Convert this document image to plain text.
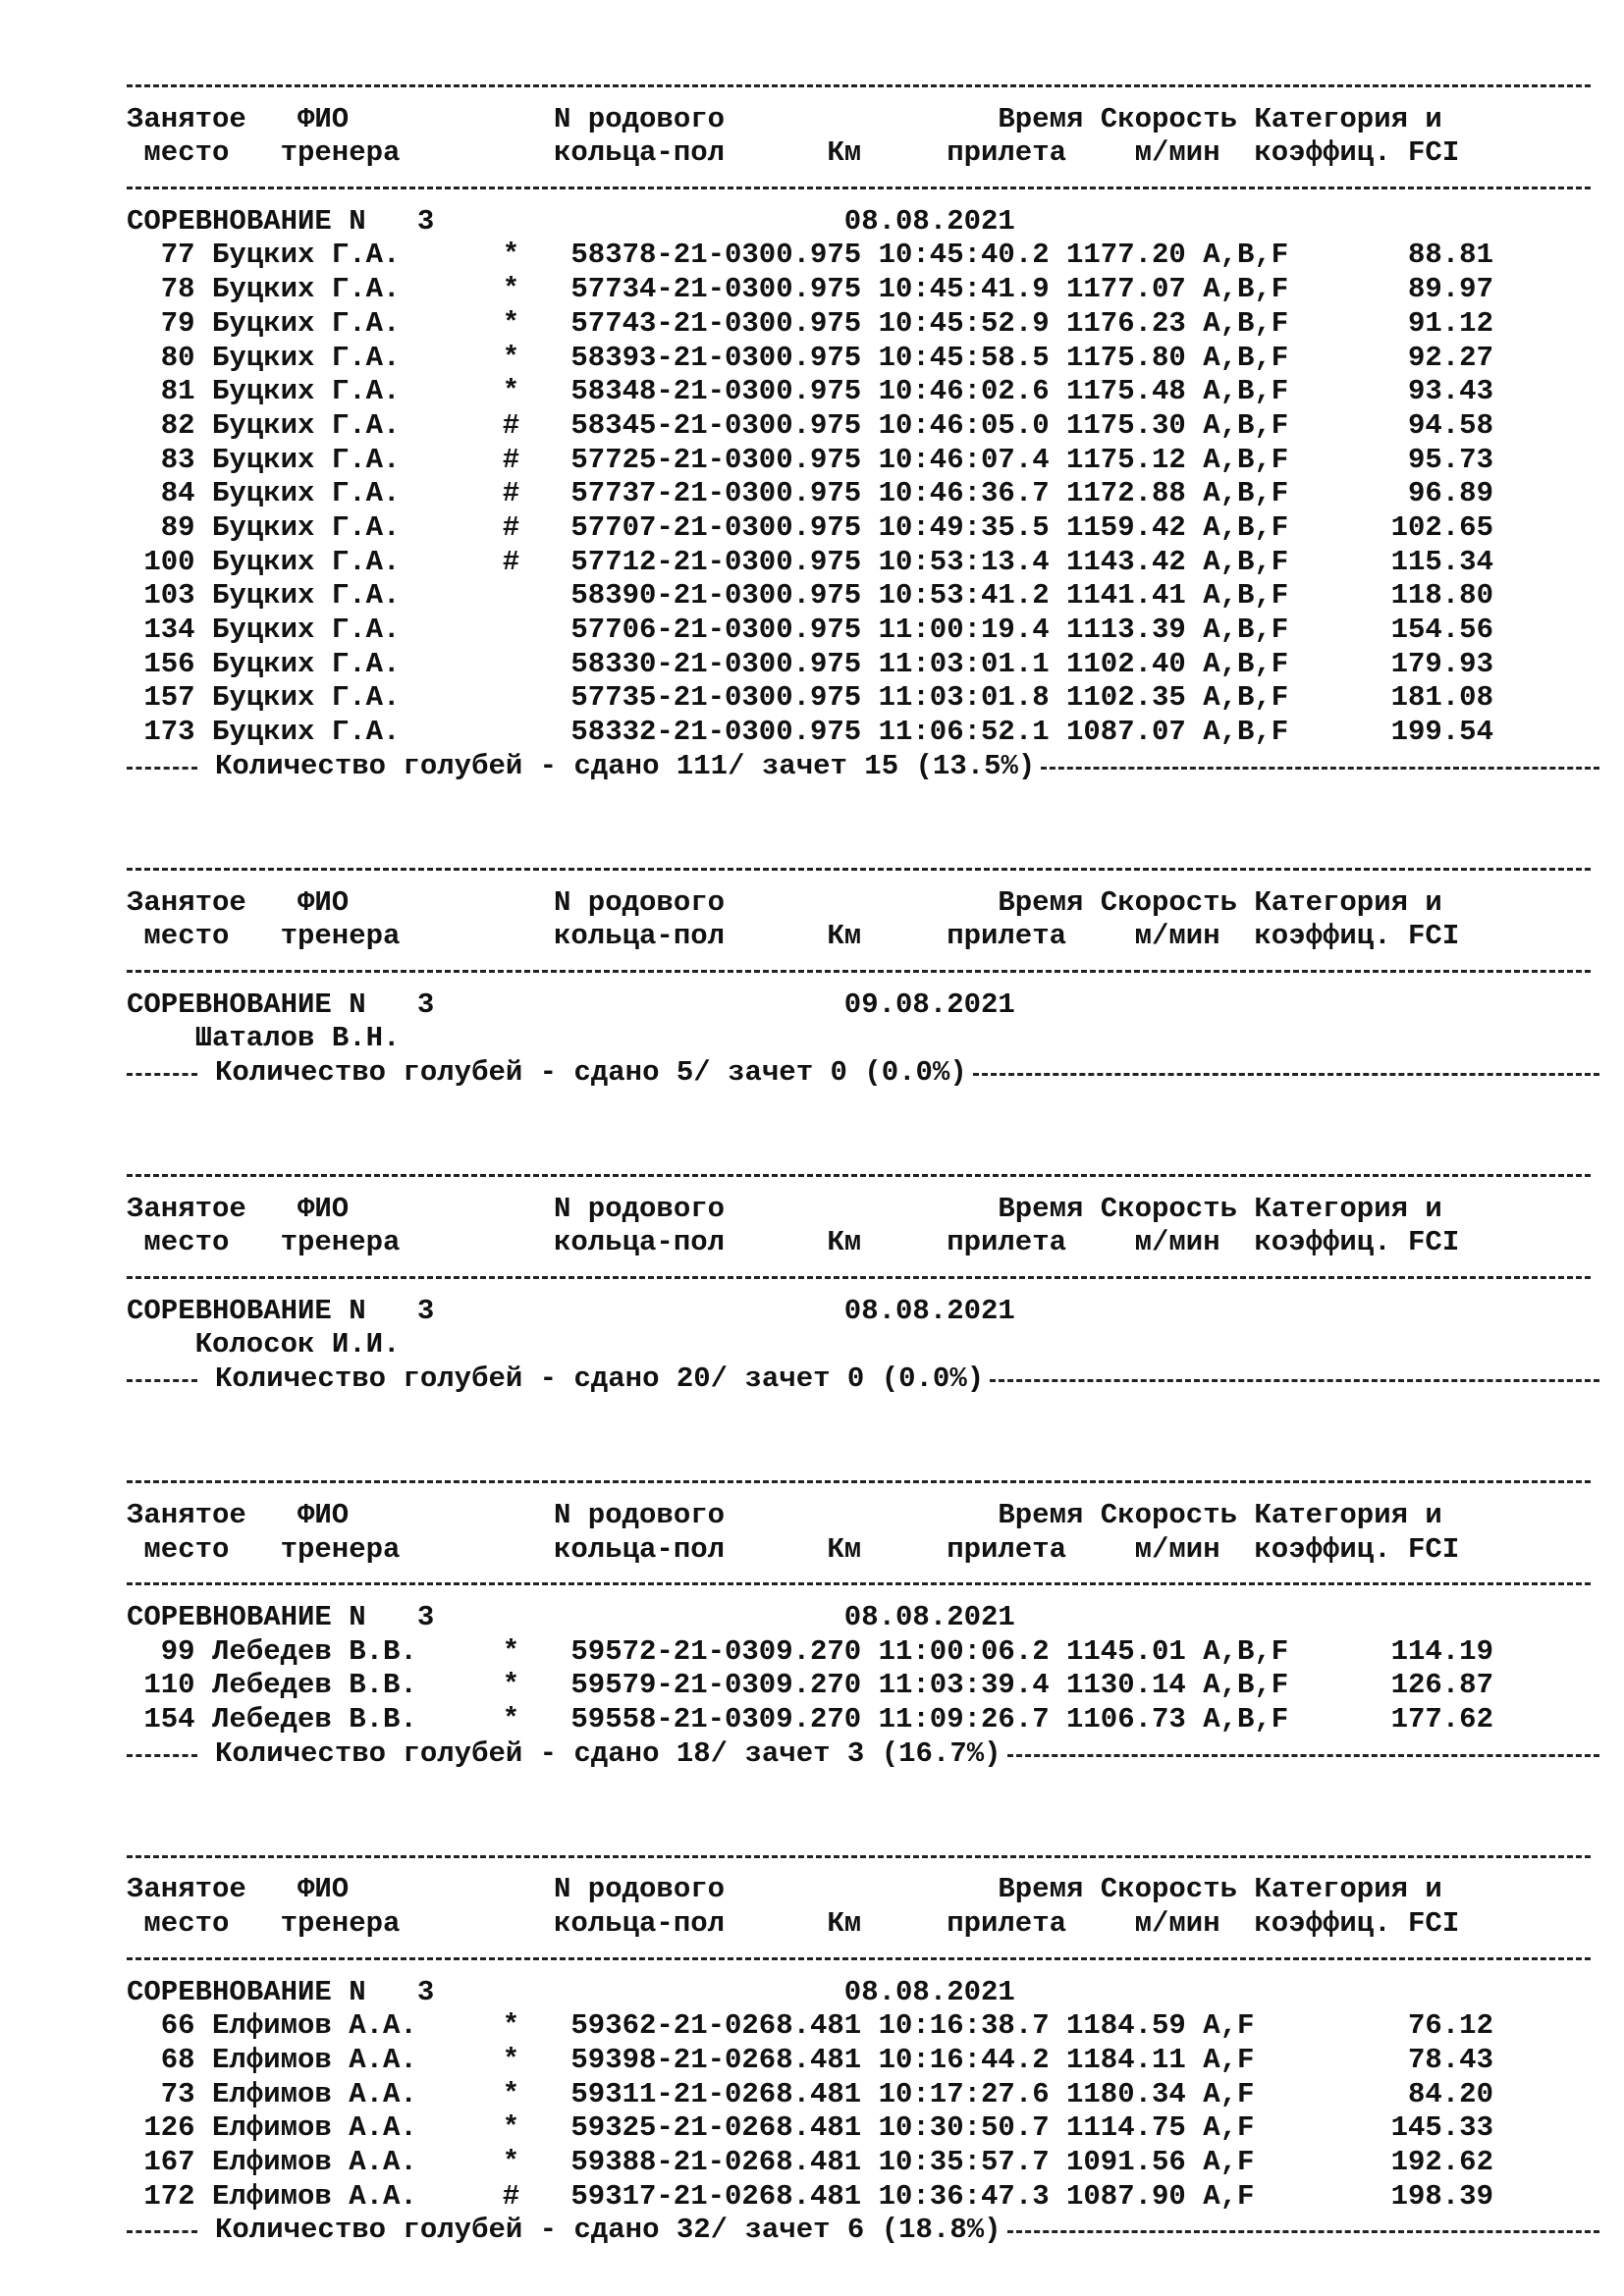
Занятое	ФИО	N родового	Время Скорость Категория и
место	тренера	кольца-пол	Км	прилета	м/мин	коэффиц. FCI
СОРЕВНОВАНИЕ N   3	08.08.2021
77 Буцких Г.А.	* 58378-21-0 300.975 10:45:40.2 1177.20 A,B,F	88.81
78 Буцких Г.А.	* 57734-21-0 300.975 10:45:41.9 1177.07 A,B,F	89.97
79 Буцких Г.А.	* 57743-21-0 300.975 10:45:52.9 1176.23 A,B,F	91.12
80 Буцких Г.А.	* 58393-21-0 300.975 10:45:58.5 1175.80 A,B,F	92.27
81 Буцких Г.А.	* 58348-21-0 300.975 10:46:02.6 1175.48 A,B,F	93.43
82 Буцких Г.А.	# 58345-21-0 300.975 10:46:05.0 1175.30 A,B,F	94.58
83 Буцких Г.А.	# 57725-21-0 300.975 10:46:07.4 1175.12 A,B,F	95.73
84 Буцких Г.А.	# 57737-21-0 300.975 10:46:36.7 1172.88 A,B,F	96.89
89 Буцких Г.А.	# 57707-21-0 300.975 10:49:35.5 1159.42 A,B,F	102.65
100 Буцких Г.А.	# 57712-21-0 300.975 10:53:13.4 1143.42 A,B,F	115.34
103 Буцких Г.А.	58390-21-0 300.975 10:53:41.2 1141.41 A,B,F	118.80
134 Буцких Г.А.	57706-21-0 300.975 11:00:19.4 1113.39 A,B,F	154.56
156 Буцких Г.А.	58330-21-0 300.975 11:03:01.1 1102.40 A,B,F	179.93
157 Буцких Г.А.	57735-21-0 300.975 11:03:01.8 1102.35 A,B,F	181.08
173 Буцких Г.А.	58332-21-0 300.975 11:06:52.1 1087.07 A,B,F	199.54
Количество голубей - сдано 111/ зачет 15 (13.5%)
Занятое	ФИО	N родового	Время Скорость Категория и
место	тренера	кольца-пол	Км	прилета	м/мин	коэффиц. FCI
СОРЕВНОВАНИЕ N   3	09.08.2021
Шаталов В.Н.
Количество голубей - сдано 5/ зачет 0 (0.0%)
Занятое	ФИО	N родового	Время Скорость Категория и
место	тренера	кольца-пол	Км	прилета	м/мин	коэффиц. FCI
СОРЕВНОВАНИЕ N   3	08.08.2021
Колосок И.И.
Количество голубей - сдано 20/ зачет 0 (0.0%)
Занятое	ФИО	N родового	Время Скорость Категория и
место	тренера	кольца-пол	Км	прилета	м/мин	коэффиц. FCI
СОРЕВНОВАНИЕ N   3	08.08.2021
99 Лебедев В.В.	* 59572-21-0 309.270 11:00:06.2 1145.01 A,B,F	114.19
110 Лебедев В.В.	* 59579-21-0 309.270 11:03:39.4 1130.14 A,B,F	126.87
154 Лебедев В.В.	* 59558-21-0 309.270 11:09:26.7 1106.73 A,B,F	177.62
Количество голубей - сдано 18/ зачет 3 (16.7%)
Занятое	ФИО	N родового	Время Скорость Категория и
место	тренера	кольца-пол	Км	прилета	м/мин	коэффиц. FCI
СОРЕВНОВАНИЕ N   3	08.08.2021
66 Елфимов А.А.	* 59362-21-0 268.481 10:16:38.7 1184.59 A,F	76.12
68 Елфимов А.А.	* 59398-21-0 268.481 10:16:44.2 1184.11 A,F	78.43
73 Елфимов А.А.	* 59311-21-0 268.481 10:17:27.6 1180.34 A,F	84.20
126 Елфимов А.А.	* 59325-21-0 268.481 10:30:50.7 1114.75 A,F	145.33
167 Елфимов А.А.	* 59388-21-0 268.481 10:35:57.7 1091.56 A,F	192.62
172 Елфимов А.А.	# 59317-21-0 268.481 10:36:47.3 1087.90 A,F	198.39
Количество голубей - сдано 32/ зачет 6 (18.8%)
